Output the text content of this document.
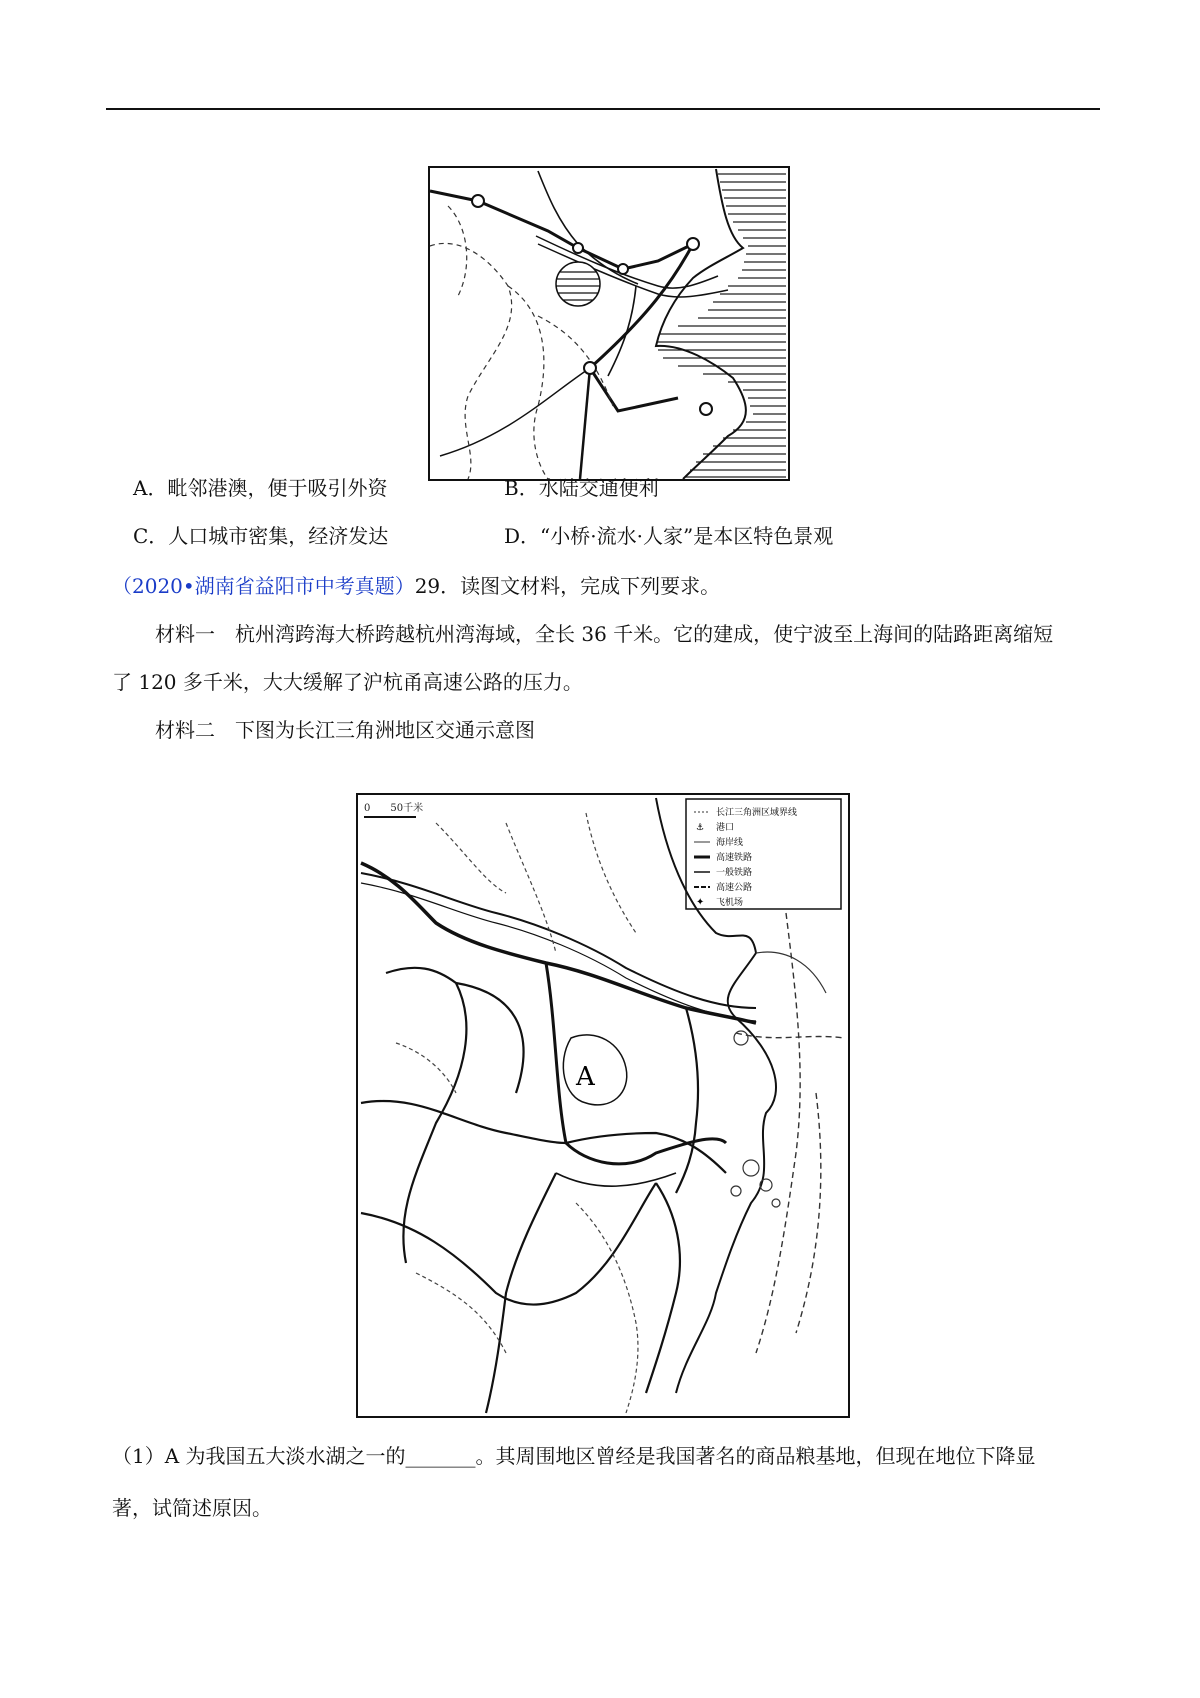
A．毗邻港澳，便于吸引外资	B．水陆交通便利
C．人口城市密集，经济发达	D．“小桥·流水·人家”是本区特色景观
（2020•湖南省益阳市中考真题）29．读图文材料，完成下列要求。
材料一　杭州湾跨海大桥跨越杭州湾海域，全长 36 千米。它的建成，使宁波至上海间的陆路距离缩短
了 120 多千米，大大缓解了沪杭甬高速公路的压力。
材料二　下图为长江三角洲地区交通示意图
0　　50千米	长江三角洲区域界线
⚓ 港口
海岸线
高速铁路
一般铁路
高速公路
✦ 飞机场
A
（1）A 为我国五大淡水湖之一的_______。其周围地区曾经是我国著名的商品粮基地，但现在地位下降显
著，试简述原因。
